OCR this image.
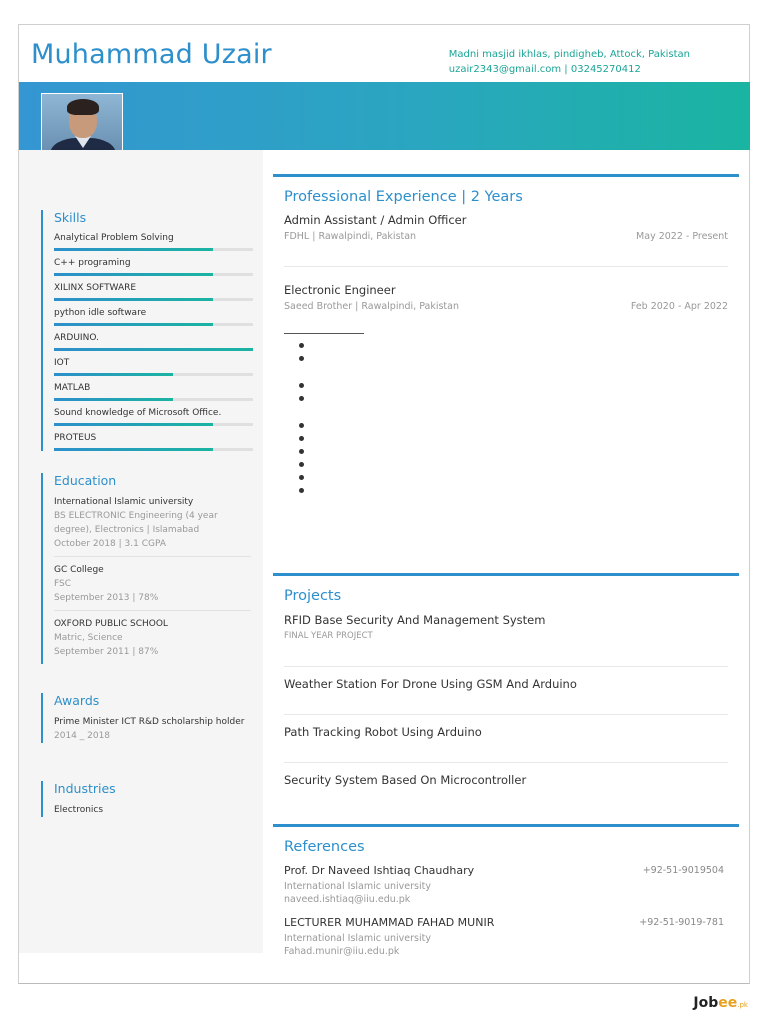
Muhammad Uzair	Madni masjid ikhlas, pindigheb, Attock, Pakistan
uzair2343@gmail.com | 03245270412
Skills
Analytical Problem Solving
C++ programing
XILINX SOFTWARE
python idle software
ARDUINO.
IOT
MATLAB
Sound knowledge of Microsoft Office.
PROTEUS
Education
International Islamic university
BS ELECTRONIC Engineering (4 year degree), Electronics | Islamabad
October 2018 | 3.1 CGPA
GC College
FSC
September 2013 | 78%
OXFORD PUBLIC SCHOOL
Matric, Science
September 2011 | 87%
Awards
Prime Minister ICT R&D scholarship holder
2014 _ 2018
Industries
Electronics
Professional Experience | 2 Years
Admin Assistant / Admin Officer
FDHL | Rawalpindi, Pakistan	May 2022 - Present
Electronic Engineer
Saeed Brother | Rawalpindi, Pakistan	Feb 2020 - Apr 2022
Projects
RFID Base Security And Management System
FINAL YEAR PROJECT
Weather Station For Drone Using GSM And Arduino
Path Tracking Robot Using Arduino
Security System Based On Microcontroller
References
Prof. Dr Naveed Ishtiaq Chaudhary	+92-51-9019504
International Islamic university
naveed.ishtiaq@iiu.edu.pk
LECTURER MUHAMMAD FAHAD MUNIR	+92-51-9019-781
International Islamic university
Fahad.munir@iiu.edu.pk
Jobee.pk
